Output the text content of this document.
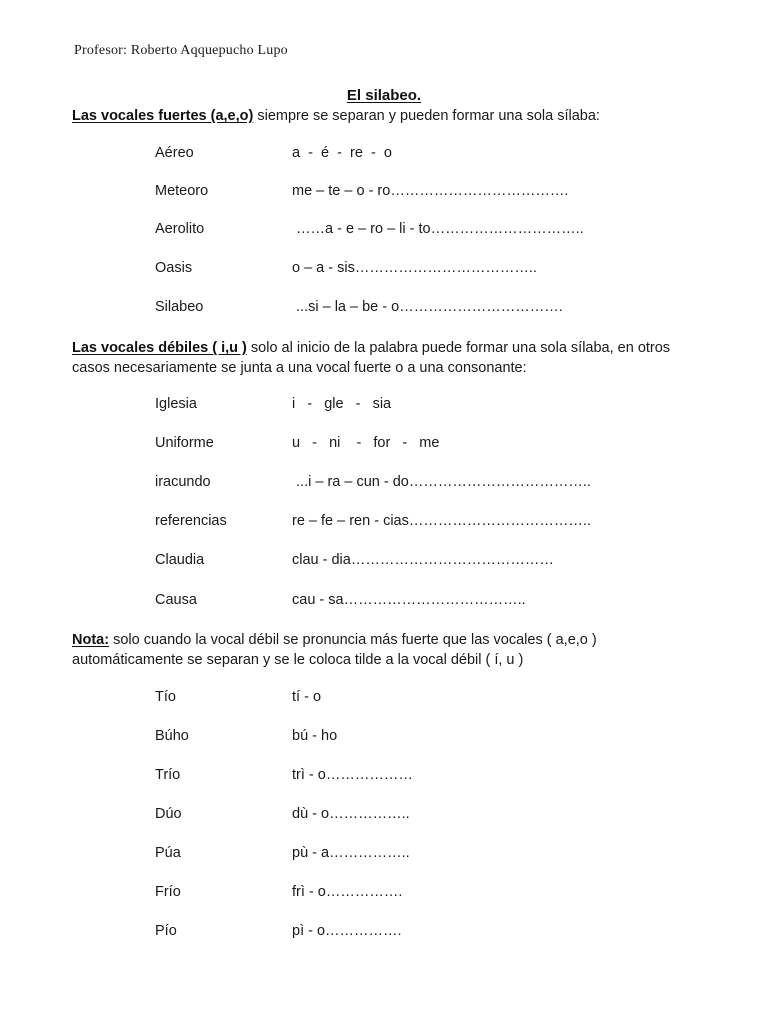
Profesor: Roberto Aqquepucho Lupo
El silabeo.
Las vocales fuertes (a,e,o) siempre se separan y pueden formar una sola sílaba:
Aéreo	a  -  é  -  re  -  o
Meteoro	me – te – o - ro……………………………….
Aerolito	……a - e – ro – li - to…………………………..
Oasis	o – a - sis………………………………..
Silabeo	...si – la – be - o…………………………….
Las vocales débiles ( i,u ) solo al inicio de la palabra puede formar una sola sílaba, en otros casos necesariamente se junta a una vocal fuerte o a una consonante:
Iglesia	i   -   gle   -   sia
Uniforme	u   -   ni    -   for   -   me
iracundo	...i – ra – cun - do………………………………..
referencias	re – fe – ren - cias………………………………..
Claudia	clau - dia……………………………………
Causa	cau - sa………………………………..
Nota: solo cuando la vocal débil se pronuncia más fuerte que las vocales ( a,e,o ) automáticamente se separan y se le coloca tilde a la vocal débil ( í, u )
Tío	tí - o
Búho	bú - ho
Trío	trì - o………………
Dúo	dù - o……………..
Púa	pù - a……………..
Frío	frì - o…………….
Pío	pì - o…………….
